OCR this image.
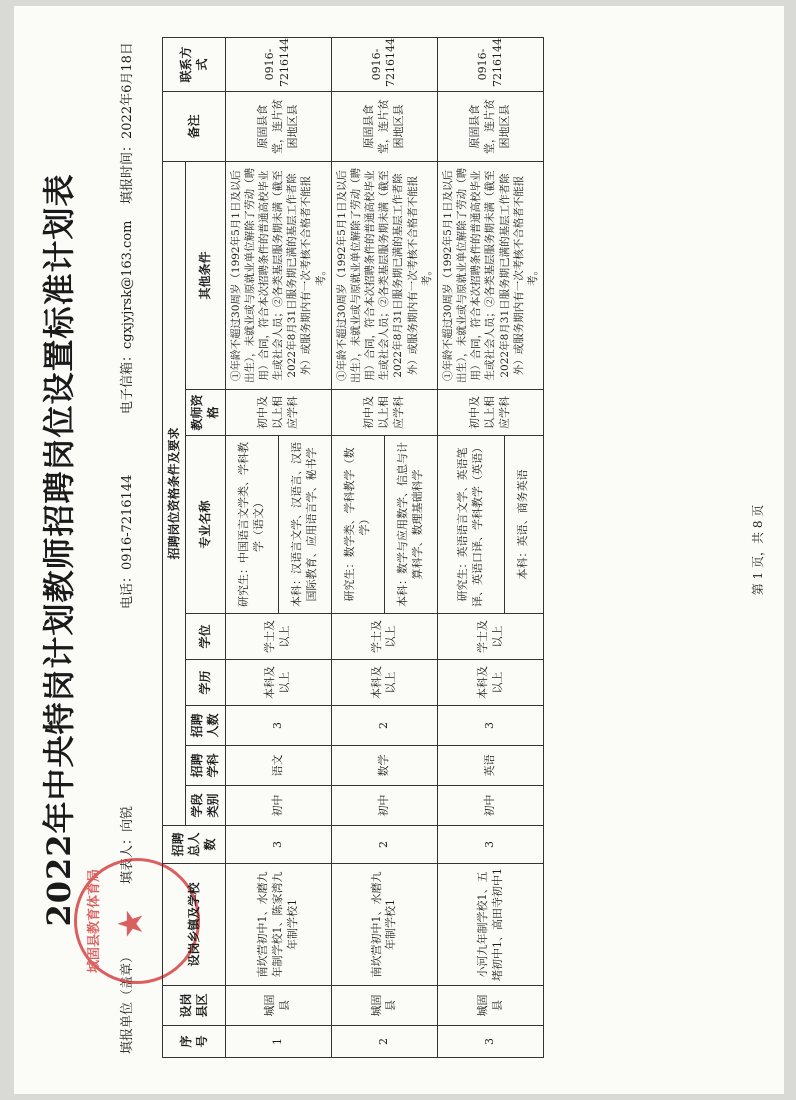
2022年中央特岗计划教师招聘岗位设置标准计划表
填报单位（盖章）
填表人：向锐
电话：0916-7216144
电子信箱：cgxjyjrsk@163.com
填报时间：2022年6月18日
城固县教育体育局 ★
序号	设岗县区	设岗乡镇及学校	招聘总人数	招聘岗位资格条件及要求								备注	联系方式
				学段类别	招聘学科	招聘人数	学历	学位	专业名称	教师资格	其他条件		
1	城固县	南坎营初中1、水磨九年制学校1、陈家湾九年制学校1	3	初中	语文	3	本科及以上	学士及以上	研究生：中国语言文学类、学科教学（语文）	初中及以上相应学科	①年龄不超过30周岁（1992年5月1日及以后出生），未就业或与原就业单位解除了劳动（聘用）合同，符合本次招聘条件的普通高校毕业生或社会人员；②各类基层服务期未满（截至2022年8月31日服务期已满的基层工作者除外）或服务期内有一次考核不合格者不能报考。	原固县食堂，连片贫困地区县	0916-7216144
									本科：汉语言文学、汉语言、汉语国际教育、应用语言学、秘书学				
2	城固县	南坎营初中1、水磨九年制学校1	2	初中	数学	2	本科及以上	学士及以上	研究生：数学类、学科教学（数学）	初中及以上相应学科	①年龄不超过30周岁（1992年5月1日及以后出生），未就业或与原就业单位解除了劳动（聘用）合同，符合本次招聘条件的普通高校毕业生或社会人员；②各类基层服务期未满（截至2022年8月31日服务期已满的基层工作者除外）或服务期内有一次考核不合格者不能报考。	原固县食堂，连片贫困地区县	0916-7216144
									本科：数学与应用数学、信息与计算科学、数理基础科学				
3	城固县	小河九年制学校1、五堵初中1、高田寺初中1	3	初中	英语	3	本科及以上	学士及以上	研究生：英语语言文学、英语笔译、英语口译、学科教学（英语）	初中及以上相应学科	①年龄不超过30周岁（1992年5月1日及以后出生），未就业或与原就业单位解除了劳动（聘用）合同，符合本次招聘条件的普通高校毕业生或社会人员；②各类基层服务期未满（截至2022年8月31日服务期已满的基层工作者除外）或服务期内有一次考核不合格者不能报考。	原固县食堂，连片贫困地区县	0916-7216144
									本科：英语、商务英语					第 1 页，共 8 页
